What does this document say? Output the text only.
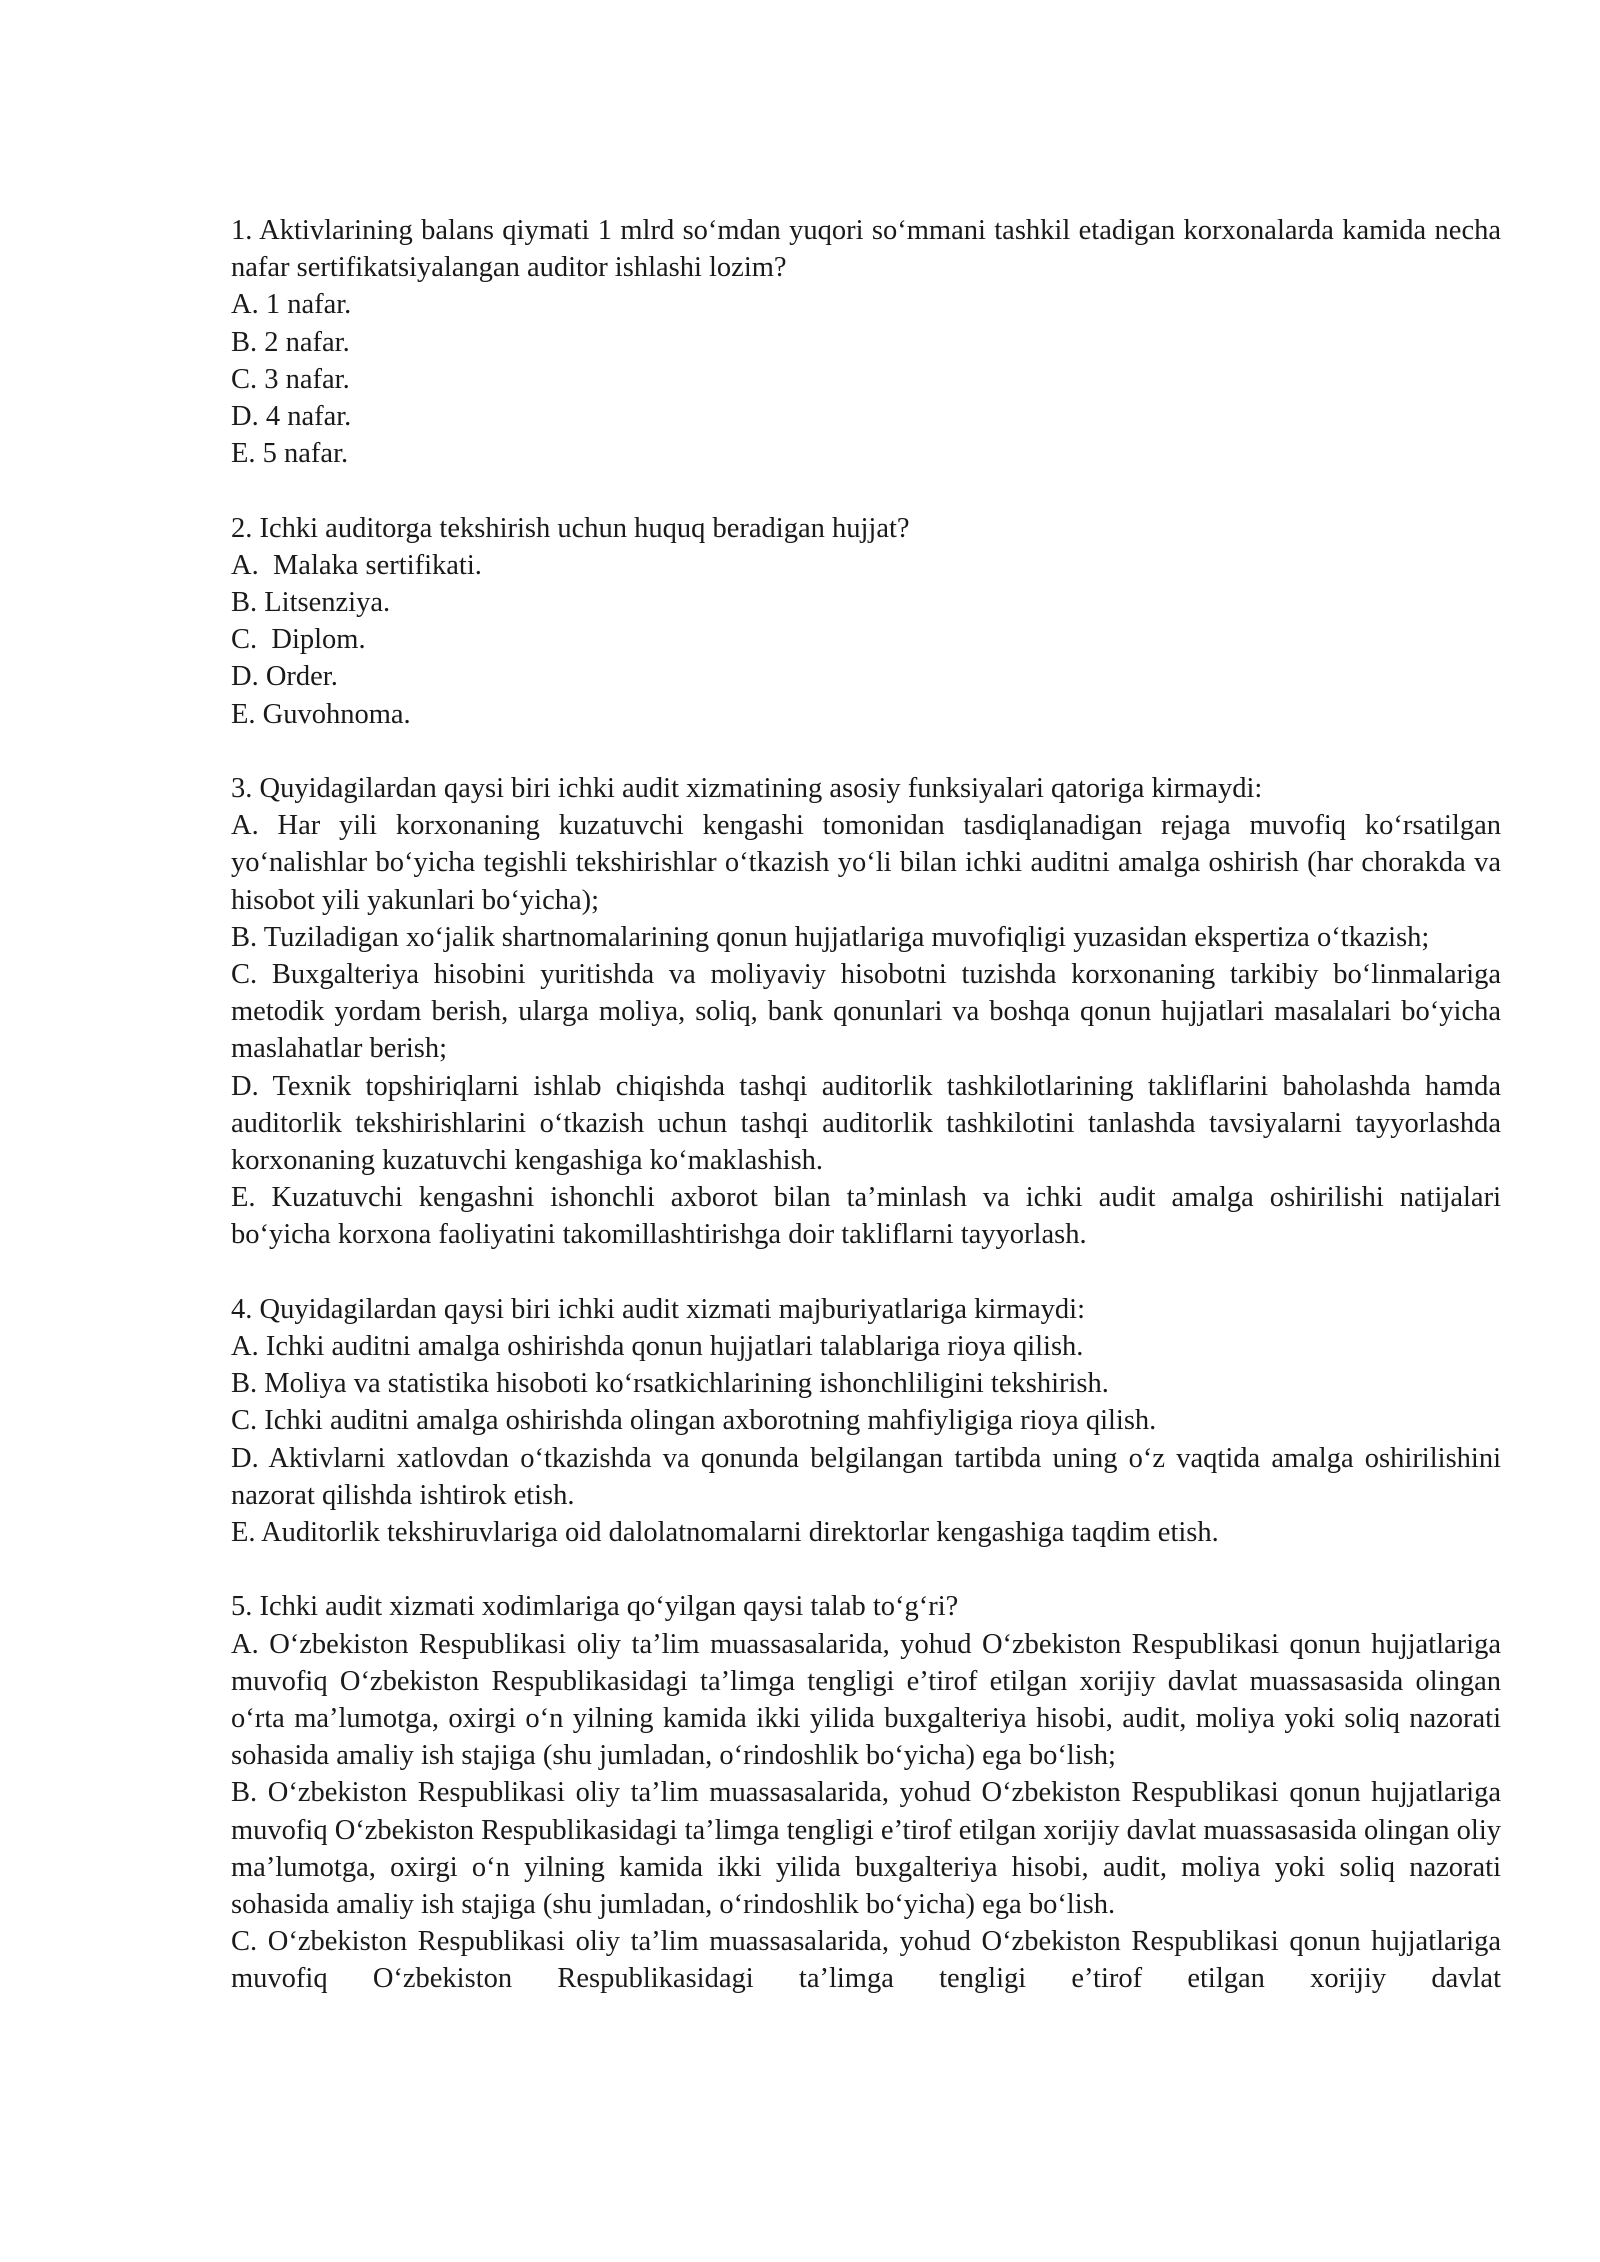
1. Aktivlarining balans qiymati 1 mlrd so‘mdan yuqori so‘mmani tashkil etadigan korxonalarda kamida necha nafar sertifikatsiyalangan auditor ishlashi lozim?
A. 1 nafar.
B. 2 nafar.
C. 3 nafar.
D. 4 nafar.
E. 5 nafar.
2. Ichki auditorga tekshirish uchun huquq beradigan hujjat?
A.  Malaka sertifikati.
B. Litsenziya.
C.  Diplom.
D. Order.
E. Guvohnoma.
3. Quyidagilardan qaysi biri ichki audit xizmatining asosiy funksiyalari qatoriga kirmaydi:
A. Har yili korxonaning kuzatuvchi kengashi tomonidan tasdiqlanadigan rejaga muvofiq ko‘rsatilgan yo‘nalishlar bo‘yicha tegishli tekshirishlar o‘tkazish yo‘li bilan ichki auditni amalga oshirish (har chorakda va hisobot yili yakunlari bo‘yicha);
B. Tuziladigan xo‘jalik shartnomalarining qonun hujjatlariga muvofiqligi yuzasidan ekspertiza o‘tkazish;
C. Buxgalteriya hisobini yuritishda va moliyaviy hisobotni tuzishda korxonaning tarkibiy bo‘linmalariga metodik yordam berish, ularga moliya, soliq, bank qonunlari va boshqa qonun hujjatlari masalalari bo‘yicha maslahatlar berish;
D. Texnik topshiriqlarni ishlab chiqishda tashqi auditorlik tashkilotlarining takliflarini baholashda hamda auditorlik tekshirishlarini o‘tkazish uchun tashqi auditorlik tashkilotini tanlashda tavsiyalarni tayyorlashda korxonaning kuzatuvchi kengashiga ko‘maklashish.
E. Kuzatuvchi kengashni ishonchli axborot bilan ta’minlash va ichki audit amalga oshirilishi natijalari bo‘yicha korxona faoliyatini takomillashtirishga doir takliflarni tayyorlash.
4. Quyidagilardan qaysi biri ichki audit xizmati majburiyatlariga kirmaydi:
A. Ichki auditni amalga oshirishda qonun hujjatlari talablariga rioya qilish.
B. Moliya va statistika hisoboti ko‘rsatkichlarining ishonchliligini tekshirish.
C. Ichki auditni amalga oshirishda olingan axborotning mahfiyligiga rioya qilish.
D. Aktivlarni xatlovdan o‘tkazishda va qonunda belgilangan tartibda uning o‘z vaqtida amalga oshirilishini nazorat qilishda ishtirok etish.
E. Auditorlik tekshiruvlariga oid dalolatnomalarni direktorlar kengashiga taqdim etish.
5. Ichki audit xizmati xodimlariga qo‘yilgan qaysi talab to‘g‘ri?
A. O‘zbekiston Respublikasi oliy ta’lim muassasalarida, yohud O‘zbekiston Respublikasi qonun hujjatlariga muvofiq O‘zbekiston Respublikasidagi ta’limga tengligi e’tirof etilgan xorijiy davlat muassasasida olingan o‘rta ma’lumotga, oxirgi o‘n yilning kamida ikki yilida buxgalteriya hisobi, audit, moliya yoki soliq nazorati sohasida amaliy ish stajiga (shu jumladan, o‘rindoshlik bo‘yicha) ega bo‘lish;
B. O‘zbekiston Respublikasi oliy ta’lim muassasalarida, yohud O‘zbekiston Respublikasi qonun hujjatlariga muvofiq O‘zbekiston Respublikasidagi ta’limga tengligi e’tirof etilgan xorijiy davlat muassasasida olingan oliy ma’lumotga, oxirgi o‘n yilning kamida ikki yilida buxgalteriya hisobi, audit, moliya yoki soliq nazorati sohasida amaliy ish stajiga (shu jumladan, o‘rindoshlik bo‘yicha) ega bo‘lish.
C. O‘zbekiston Respublikasi oliy ta’lim muassasalarida, yohud O‘zbekiston Respublikasi qonun hujjatlariga muvofiq O‘zbekiston Respublikasidagi ta’limga tengligi e’tirof etilgan xorijiy davlat
